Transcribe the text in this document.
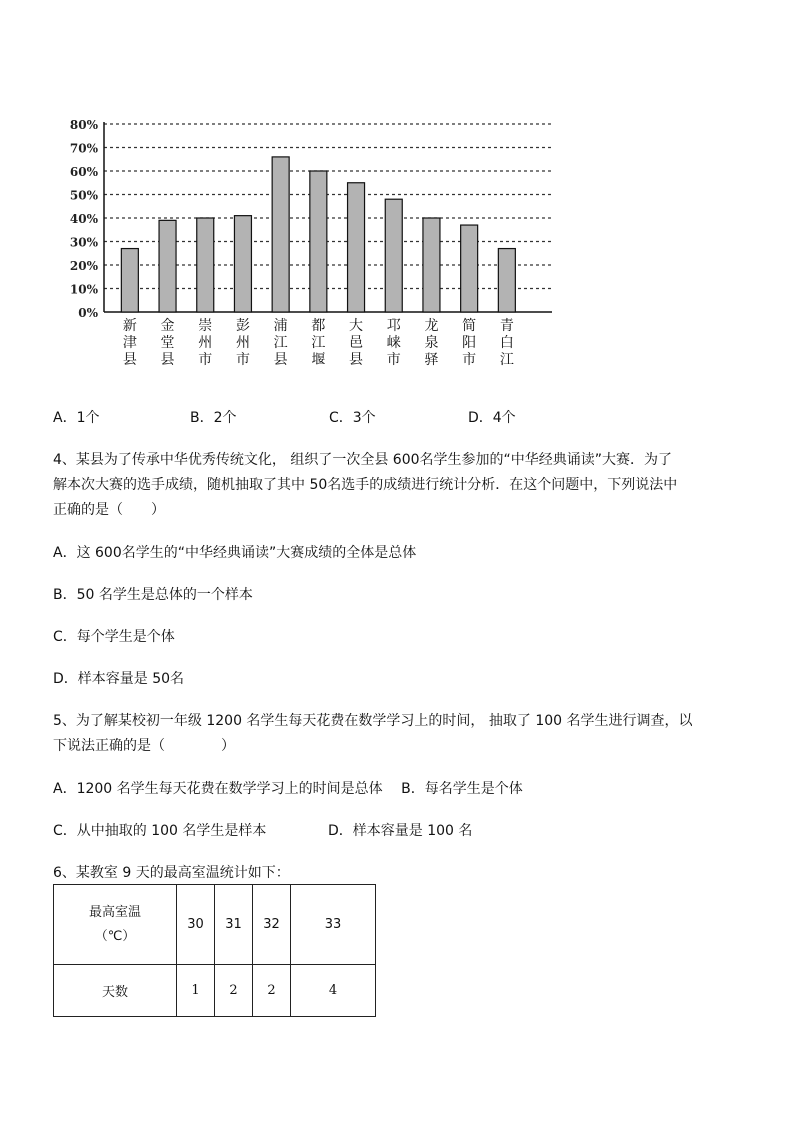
0%
10%
20%
30%
40%
50%
60%
70%
80%
新津县
金堂县
崇州市
彭州市
浦江县
都江堰
大邑县
邛崃市
龙泉驿
简阳市
青白江
A．1个	B．2个	C．3个	D．4个

4、某县为了传承中华优秀传统文化， 组织了一次全县 600名学生参加的“中华经典诵读”大赛．为了

解本次大赛的选手成绩，随机抽取了其中 50名选手的成绩进行统计分析．在这个问题中，下列说法中

正确的是（　　）

A．这 600名学生的“中华经典诵读”大赛成绩的全体是总体

B．50 名学生是总体的一个样本

C．每个学生是个体

D．样本容量是 50名

5、为了解某校初一年级 1200 名学生每天花费在数学学习上的时间， 抽取了 100 名学生进行调查，以

下说法正确的是（　　　　）

A．1200 名学生每天花费在数学学习上的时间是总体　 B．每名学生是个体

C．从中抽取的 100 名学生是样本	D．样本容量是 100 名

6、某教室 9 天的最高室温统计如下：

最高室温
（℃）	30	31	32	33
天数	1	2	2	4
